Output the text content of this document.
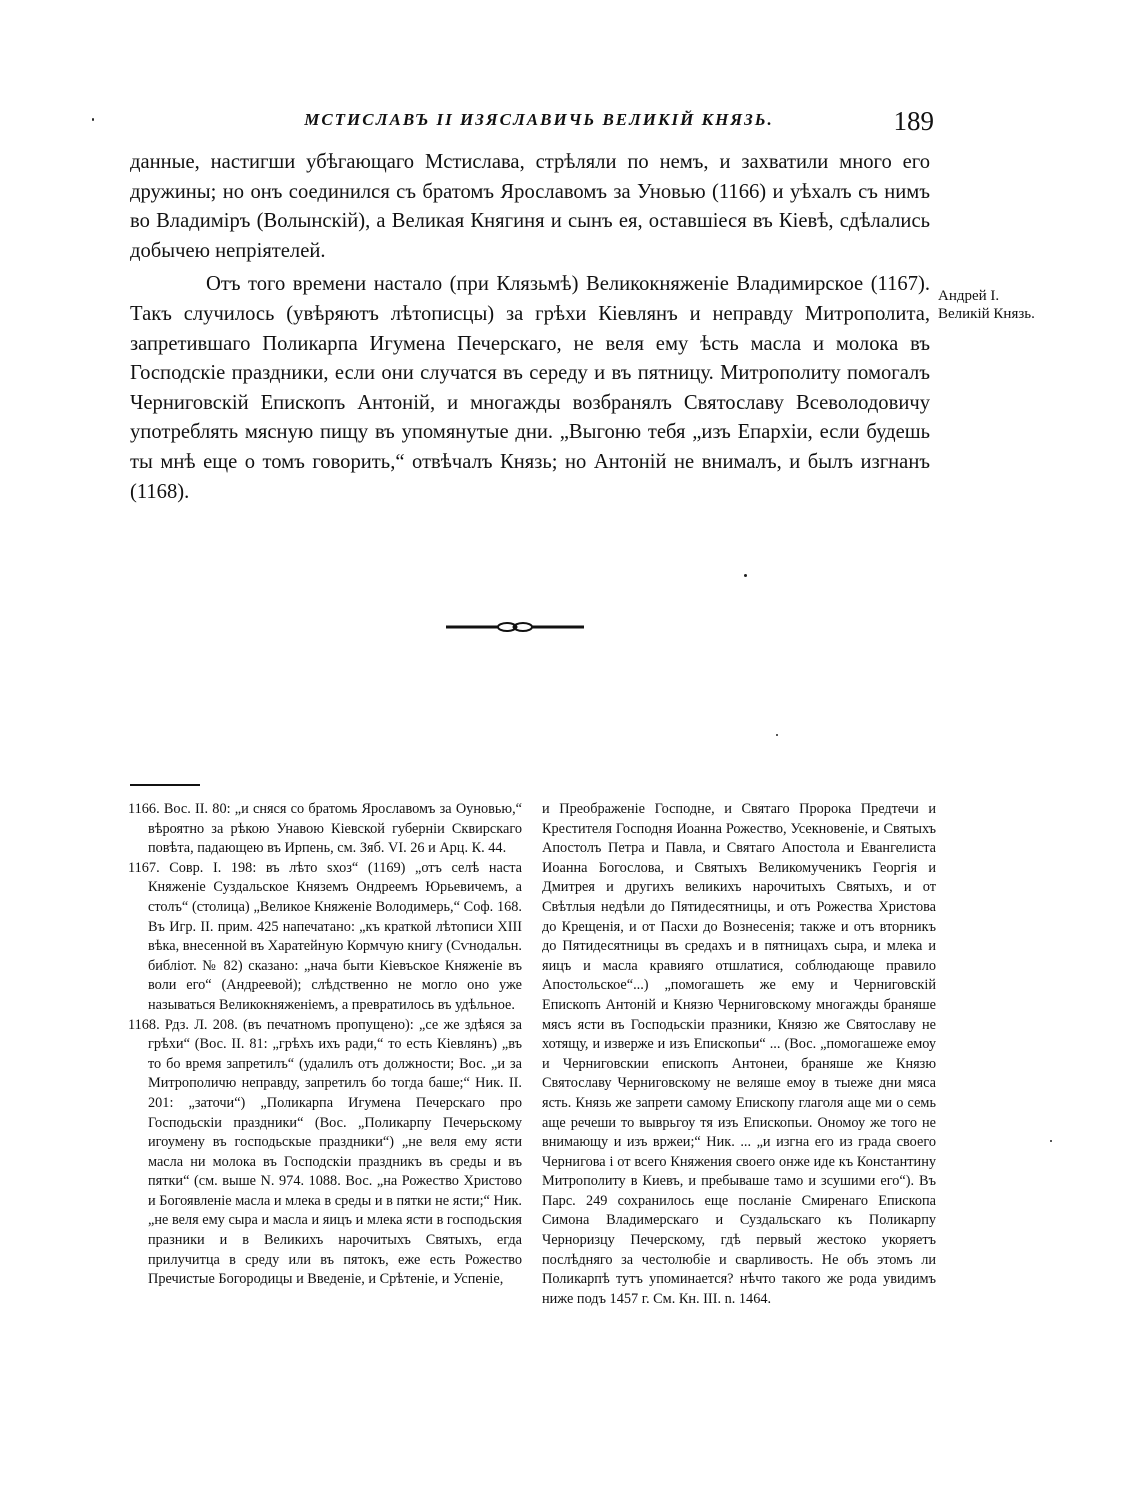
МСТИСЛАВЪ II ИЗЯСЛАВИЧЬ ВЕЛИКІЙ КНЯЗЬ.	189

данные, настигши убѣгающаго Мстислава, стрѣляли по немъ, и захватили много его дружины; но онъ соединился съ братомъ Ярославомъ за Уновью (1166) и уѣхалъ съ нимъ во Владиміръ (Волынскій), а Великая Княгиня и сынъ ея, оставшіеся въ Кіевѣ, сдѣлались добычею непріятелей.

Отъ того времени настало (при Клязьмѣ) Великокняженіе Владимирское (1167). Такъ случилось (увѣряютъ лѣтописцы) за грѣхи Кіевлянъ и неправду Митрополита, запретившаго Поликарпа Игумена Печерскаго, не веля ему ѣсть масла и молока въ Господскіе праздники, если они случатся въ середу и въ пятницу. Митрополиту помогалъ Черниговскій Епископъ Антоній, и многажды возбранялъ Святославу Всеволодовичу употреблять мясную пищу въ упомянутые дни. „Выгоню тебя „изъ Епархіи, если будешь ты мнѣ еще о томъ говорить,“ отвѣчалъ Князь; но Антоній не внималъ, и былъ изгнанъ (1168).

Андрей I. Великій Князь.

1166. Вос. II. 80: „и сняся со братомь Ярославомъ за Оуновью,“ вѣроятно за рѣкою Унавою Кіевской губерніи Сквирскаго повѣта, падающею въ Ирпень, см. Зяб. VI. 26 и Арц. К. 44.

1167. Совр. I. 198: въ лѣто ѕхоз“ (1169) „отъ селѣ наста Княженіе Суздальское Княземъ Ондреемъ Юрьевичемъ, а столъ“ (столица) „Великое Княженіе Володимерь,“ Соф. 168. Въ Игр. II. прим. 425 напечатано: „къ краткой лѣтописи XIII вѣка, внесенной въ Харатейную Кормчую книгу (Сѵнодальн. библіот. № 82) сказано: „нача быти Кіевъское Княженіе въ воли его“ (Андреевой); слѣдственно не могло оно уже называться Великокняженіемъ, а превратилось въ удѣльное.

1168. Рдз. Л. 208. (въ печатномъ пропущено): „се же здѣяся за грѣхи“ (Вос. II. 81: „грѣхъ ихъ ради,“ то есть Кіевлянъ) „въ то бо время запретилъ“ (удалилъ отъ должности; Вос. „и за Митрополичю неправду, запретилъ бо тогда баше;“ Ник. II. 201: „заточи“) „Поликарпа Игумена Печерскаго про Господьскіи праздники“ (Вос. „Поликарпу Печерьскому игоумену въ господьскые праздники“) „не веля ему ясти масла ни молока въ Господскіи праздникъ въ среды и въ пятки“ (см. выше N. 974. 1088. Вос. „на Рожество Христово и Богоявленіе масла и млека в среды и в пятки не ясти;“ Ник. „не веля ему сыра и масла и яицъ и млека ясти в господьския празники и в Великихъ нарочитыхъ Святыхъ, егда прилучитца в среду или въ пятокъ, еже есть Рожество Пречистые Богородицы и Введеніе, и Срѣтеніе, и Успеніе,

и Преображеніе Господне, и Святаго Пророка Предтечи и Крестителя Господня Иоанна Рожество, Усекновеніе, и Святыхъ Апостолъ Петра и Павла, и Святаго Апостола и Евангелиста Иоанна Богослова, и Святыхъ Великомученикъ Георгія и Дмитрея и другихъ великихъ нарочитыхъ Святыхъ, и от Свѣтлыя недѣли до Пятидесятницы, и отъ Рожества Христова до Крещенія, и от Пасхи до Вознесенія; также и отъ вторникъ до Пятидесятницы въ средахъ и в пятницахъ сыра, и млека и яицъ и масла кравияго отшлатися, соблюдающе правило Апостольское“...) „помогашеть же ему и Черниговскій Епископъ Антоній и Князю Черниговскому многажды браняше мясъ ясти въ Господьскіи празники, Князю же Святославу не хотящу, и изверже и изъ Епископьи“ ... (Вос. „помогашеже емоу и Черниговскии епископъ Антонеи, браняше же Князю Святославу Черниговскому не веляше емоу в тыеже дни мяса ясть. Князь же запрети самому Епископу глаголя аще ми о семь аще речеши то выврьгоу тя изъ Епископьи. Ономоу же того не внимающу и изъ вржеи;“ Ник. ... „и изгна его из града своего Чернигова і от всего Княжения своего онже иде къ Константину Митрополиту в Киевъ, и пребываше тамо и зсушими его“). Въ Парс. 249 сохранилось еще посланіе Смиренаго Епископа Симона Владимерскаго и Суздальскаго къ Поликарпу Черноризцу Печерскому, гдѣ первый жестоко укоряетъ послѣдняго за честолюбіе и сварливость. Не объ этомъ ли Поликарпѣ тутъ упоминается? нѣчто такого же рода увидимъ ниже подъ 1457 г. См. Кн. III. n. 1464.
